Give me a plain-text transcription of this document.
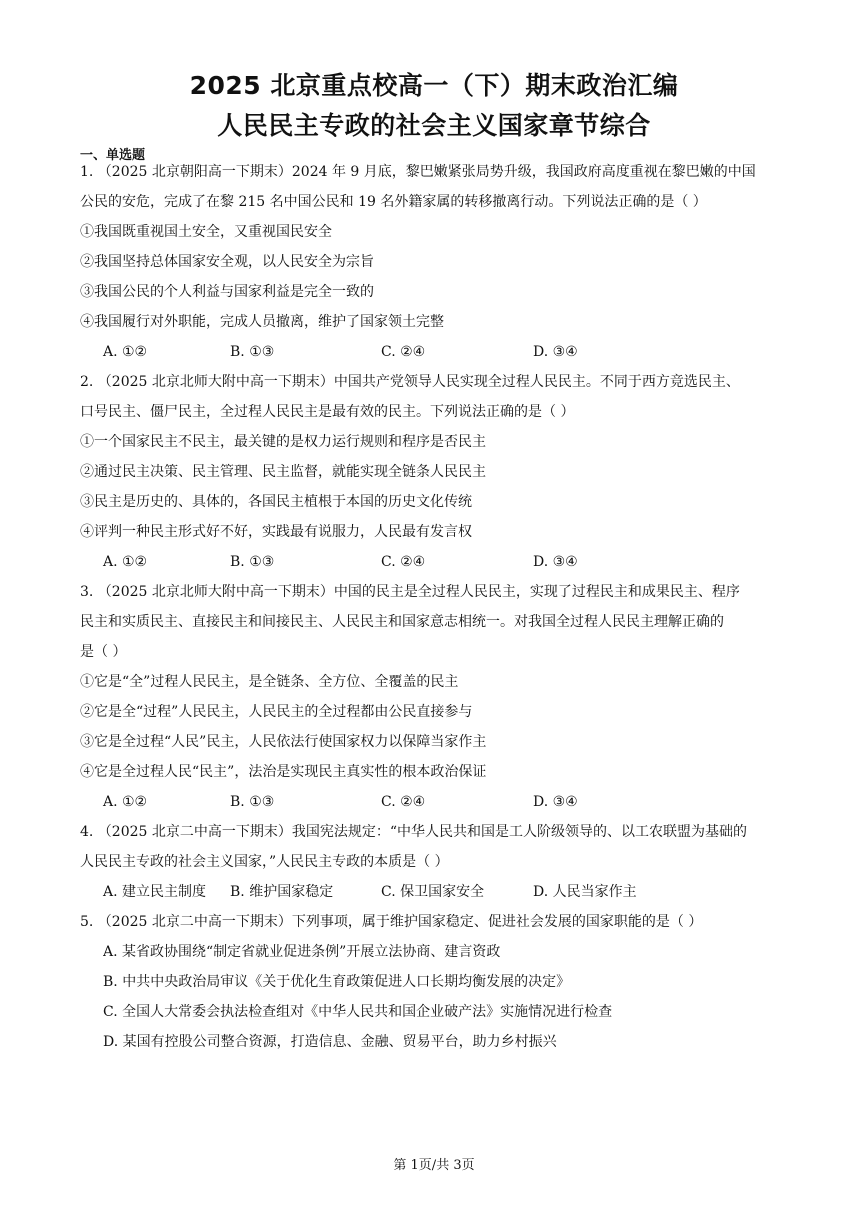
2025 北京重点校高一（下）期末政治汇编
人民民主专政的社会主义国家章节综合
一、单选题
1. （2025 北京朝阳高一下期末）2024 年 9 月底，黎巴嫩紧张局势升级，我国政府高度重视在黎巴嫩的中国
公民的安危，完成了在黎 215 名中国公民和 19 名外籍家属的转移撤离行动。下列说法正确的是（ ）
①我国既重视国土安全，又重视国民安全
②我国坚持总体国家安全观，以人民安全为宗旨
③我国公民的个人利益与国家利益是完全一致的
④我国履行对外职能，完成人员撤离，维护了国家领土完整
A. ①②	B. ①③	C. ②④	D. ③④
2. （2025 北京北师大附中高一下期末）中国共产党领导人民实现全过程人民民主。不同于西方竞选民主、
口号民主、僵尸民主，全过程人民民主是最有效的民主。下列说法正确的是（ ）
①一个国家民主不民主，最关键的是权力运行规则和程序是否民主
②通过民主决策、民主管理、民主监督，就能实现全链条人民民主
③民主是历史的、具体的，各国民主植根于本国的历史文化传统
④评判一种民主形式好不好，实践最有说服力，人民最有发言权
A. ①②	B. ①③	C. ②④	D. ③④
3. （2025 北京北师大附中高一下期末）中国的民主是全过程人民民主，实现了过程民主和成果民主、程序
民主和实质民主、直接民主和间接民主、人民民主和国家意志相统一。对我国全过程人民民主理解正确的
是（ ）
①它是“全”过程人民民主，是全链条、全方位、全覆盖的民主
②它是全“过程”人民民主，人民民主的全过程都由公民直接参与
③它是全过程“人民”民主，人民依法行使国家权力以保障当家作主
④它是全过程人民“民主”，法治是实现民主真实性的根本政治保证
A. ①②	B. ①③	C. ②④	D. ③④
4. （2025 北京二中高一下期末）我国宪法规定：“中华人民共和国是工人阶级领导的、以工农联盟为基础的
人民民主专政的社会主义国家，”人民民主专政的本质是（ ）
A. 建立民主制度 B. 维护国家稳定	C. 保卫国家安全	D. 人民当家作主
5. （2025 北京二中高一下期末）下列事项，属于维护国家稳定、促进社会发展的国家职能的是（ ）
A. 某省政协围绕“制定省就业促进条例”开展立法协商、建言资政
B. 中共中央政治局审议《关于优化生育政策促进人口长期均衡发展的决定》
C. 全国人大常委会执法检查组对《中华人民共和国企业破产法》实施情况进行检查
D. 某国有控股公司整合资源，打造信息、金融、贸易平台，助力乡村振兴
第 1页/共 3页
